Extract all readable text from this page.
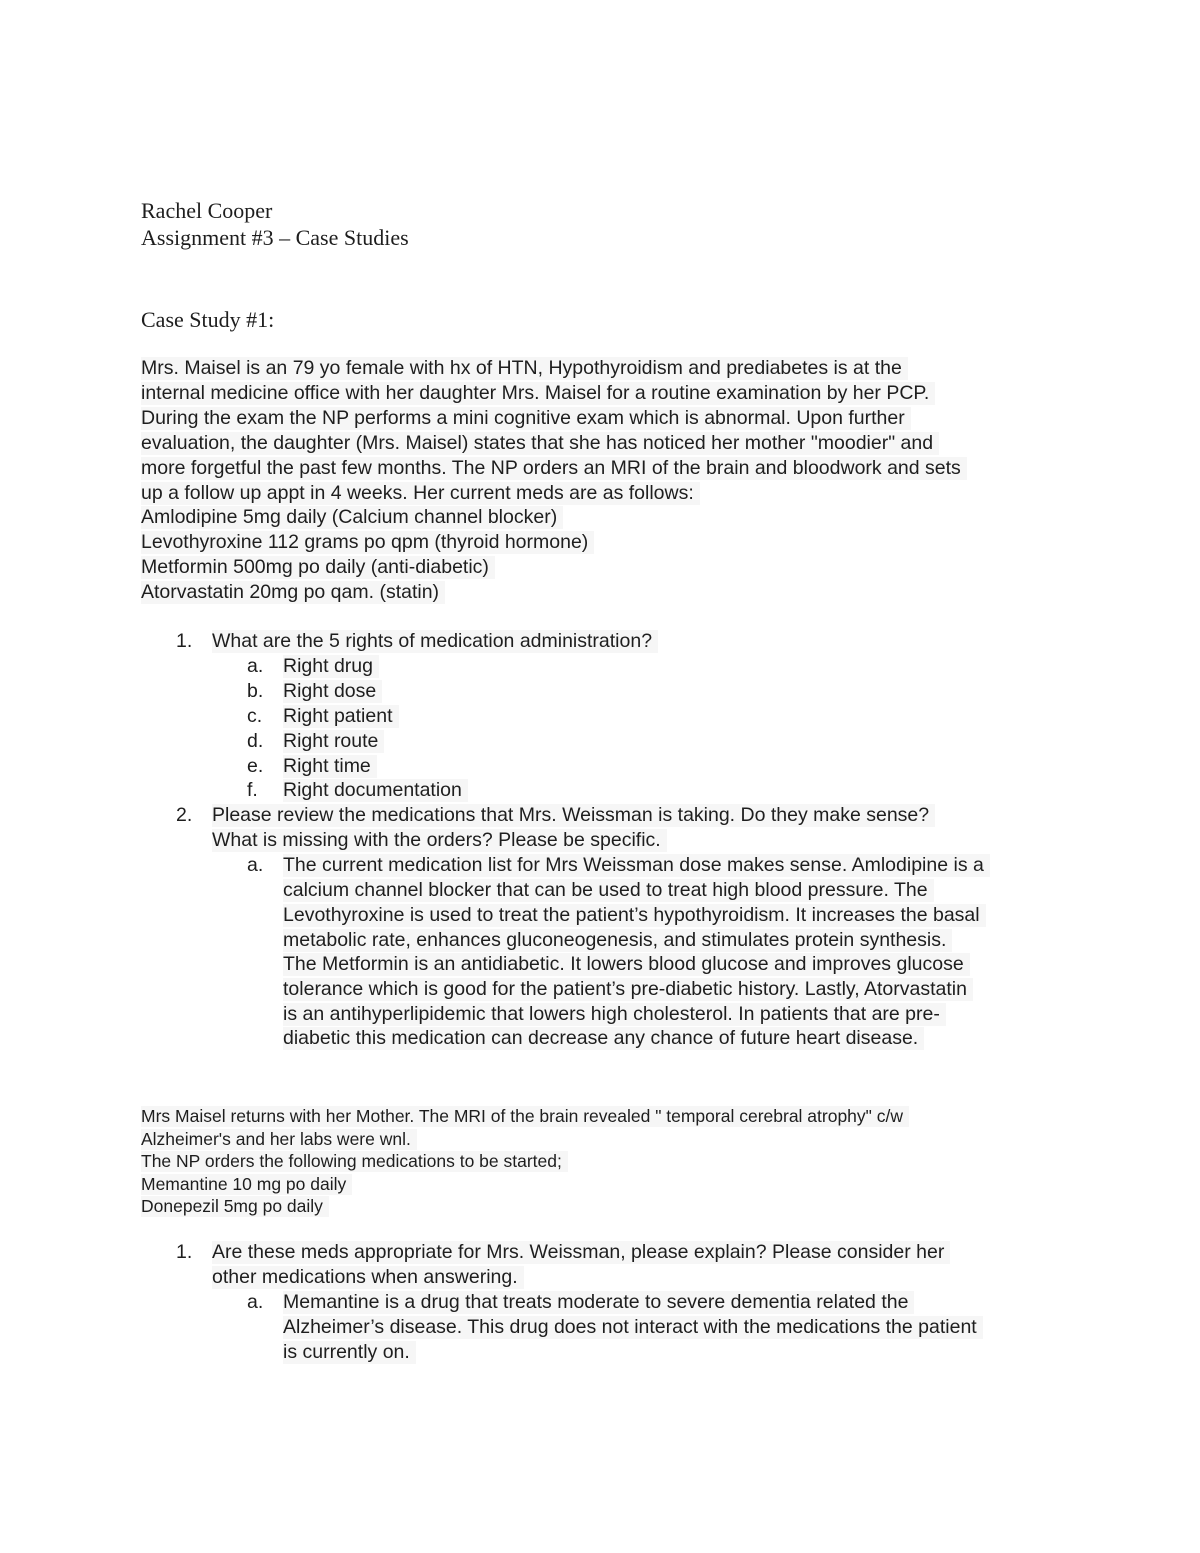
Rachel Cooper
Assignment #3 – Case Studies
Case Study #1:
Mrs. Maisel is an 79 yo female with hx of HTN, Hypothyroidism and prediabetes is at the
internal medicine office with her daughter Mrs. Maisel for a routine examination by her PCP.
During the exam the NP performs a mini cognitive exam which is abnormal. Upon further
evaluation, the daughter (Mrs. Maisel) states that she has noticed her mother "moodier" and
more forgetful the past few months. The NP orders an MRI of the brain and bloodwork and sets
up a follow up appt in 4 weeks. Her current meds are as follows:
Amlodipine 5mg daily (Calcium channel blocker)
Levothyroxine 112 grams po qpm (thyroid hormone)
Metformin 500mg po daily (anti-diabetic)
Atorvastatin 20mg po qam. (statin)
1. What are the 5 rights of medication administration?
a. Right drug
b. Right dose
c. Right patient
d. Right route
e. Right time
f. Right documentation
2. Please review the medications that Mrs. Weissman is taking. Do they make sense?
What is missing with the orders? Please be specific.
a. The current medication list for Mrs Weissman dose makes sense. Amlodipine is a
calcium channel blocker that can be used to treat high blood pressure. The
Levothyroxine is used to treat the patient’s hypothyroidism. It increases the basal
metabolic rate, enhances gluconeogenesis, and stimulates protein synthesis.
The Metformin is an antidiabetic. It lowers blood glucose and improves glucose
tolerance which is good for the patient’s pre-diabetic history. Lastly, Atorvastatin
is an antihyperlipidemic that lowers high cholesterol. In patients that are pre-
diabetic this medication can decrease any chance of future heart disease.
Mrs Maisel returns with her Mother. The MRI of the brain revealed " temporal cerebral atrophy" c/w
Alzheimer's and her labs were wnl.
The NP orders the following medications to be started;
Memantine 10 mg po daily
Donepezil 5mg po daily
1. Are these meds appropriate for Mrs. Weissman, please explain? Please consider her
other medications when answering.
a. Memantine is a drug that treats moderate to severe dementia related the
Alzheimer’s disease. This drug does not interact with the medications the patient
is currently on.
